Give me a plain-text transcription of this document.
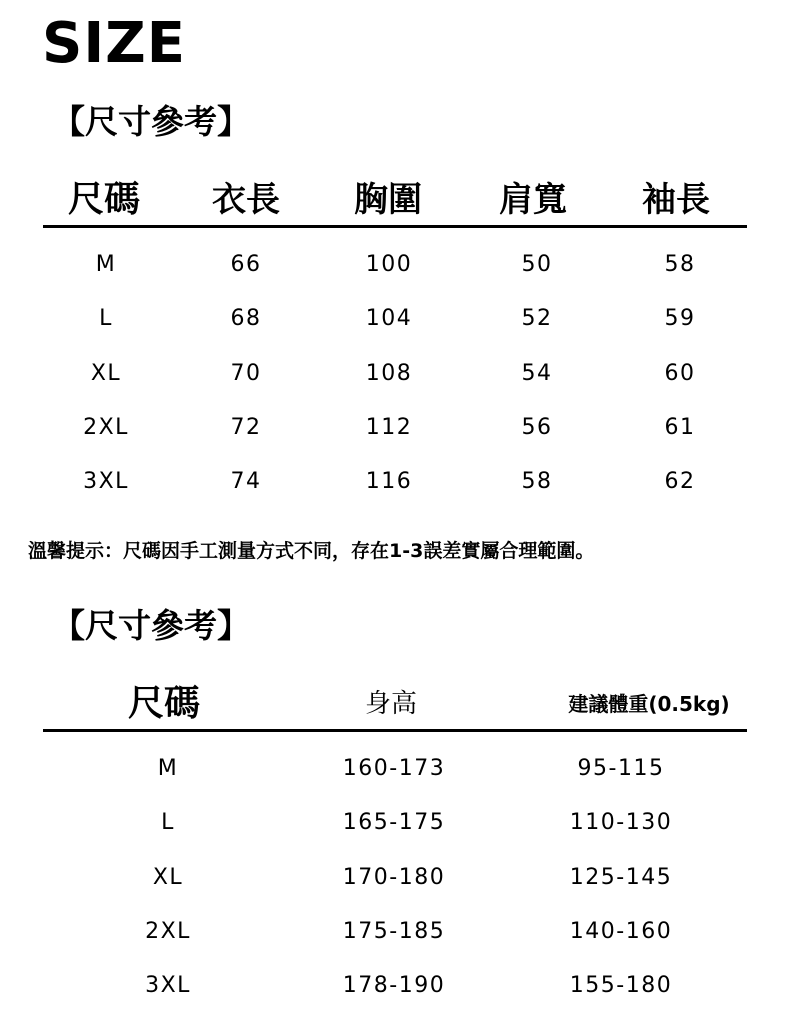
SIZE
【尺寸參考】
尺碼 衣長 胸圍 肩寬 袖長
M	66	100	50	58
L	68	104	52	59
XL	70	108	54	60
2XL	72	112	56	61
3XL	74	116	58	62
溫馨提示：尺碼因手工測量方式不同，存在1-3誤差實屬合理範圍。
【尺寸參考】
尺碼	身高	建議體重(0.5kg)
M	160-173	95-115
L	165-175	110-130
XL	170-180	125-145
2XL	175-185	140-160
3XL	178-190	155-180
